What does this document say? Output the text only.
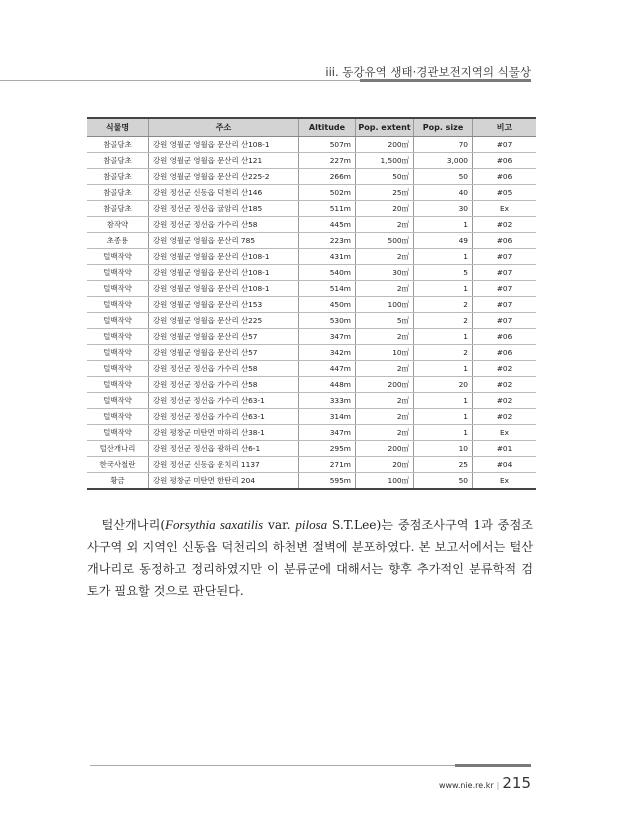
iii. 동강유역 생태·경관보전지역의 식물상
식물명	주소	Altitude	Pop. extent	Pop. size	비고
참골담초	강원 영월군 영월읍 문산리 산108-1	507m	200㎡	70	#07
참골담초	강원 영월군 영월읍 문산리 산121	227m	1,500㎡	3,000	#06
참골담초	강원 영월군 영월읍 문산리 산225-2	266m	50㎡	50	#06
참골담초	강원 정선군 신동읍 덕천리 산146	502m	25㎡	40	#05
참골담초	강원 정선군 정선읍 귤암리 산185	511m	20㎡	30	Ex
참작약	강원 정선군 정선읍 가수리 산58	445m	2㎡	1	#02
초종용	강원 영월군 영월읍 문산리 785	223m	500㎡	49	#06
털백작약	강원 영월군 영월읍 문산리 산108-1	431m	2㎡	1	#07
털백작약	강원 영월군 영월읍 문산리 산108-1	540m	30㎡	5	#07
털백작약	강원 영월군 영월읍 문산리 산108-1	514m	2㎡	1	#07
털백작약	강원 영월군 영월읍 문산리 산153	450m	100㎡	2	#07
털백작약	강원 영월군 영월읍 문산리 산225	530m	5㎡	2	#07
털백작약	강원 영월군 영월읍 문산리 산57	347m	2㎡	1	#06
털백작약	강원 영월군 영월읍 문산리 산57	342m	10㎡	2	#06
털백작약	강원 정선군 정선읍 가수리 산58	447m	2㎡	1	#02
털백작약	강원 정선군 정선읍 가수리 산58	448m	200㎡	20	#02
털백작약	강원 정선군 정선읍 가수리 산63-1	333m	2㎡	1	#02
털백작약	강원 정선군 정선읍 가수리 산63-1	314m	2㎡	1	#02
털백작약	강원 평창군 미탄면 마하리 산38-1	347m	2㎡	1	Ex
털산개나리	강원 정선군 정선읍 광하리 산6-1	295m	200㎡	10	#01
한국사철란	강원 정선군 신동읍 운치리 1137	271m	20㎡	25	#04
황금	강원 평창군 미탄면 한탄리 204	595m	100㎡	50	Ex
털산개나리(Forsythia saxatilis var. pilosa S.T.Lee)는 중점조사구역 1과 중점조사구역 외 지역인 신동읍 덕천리의 하천변 절벽에 분포하였다. 본 보고서에서는 털산개나리로 동정하고 정리하였지만 이 분류군에 대해서는 향후 추가적인 분류학적 검토가 필요할 것으로 판단된다.
www.nie.re.kr | 215
